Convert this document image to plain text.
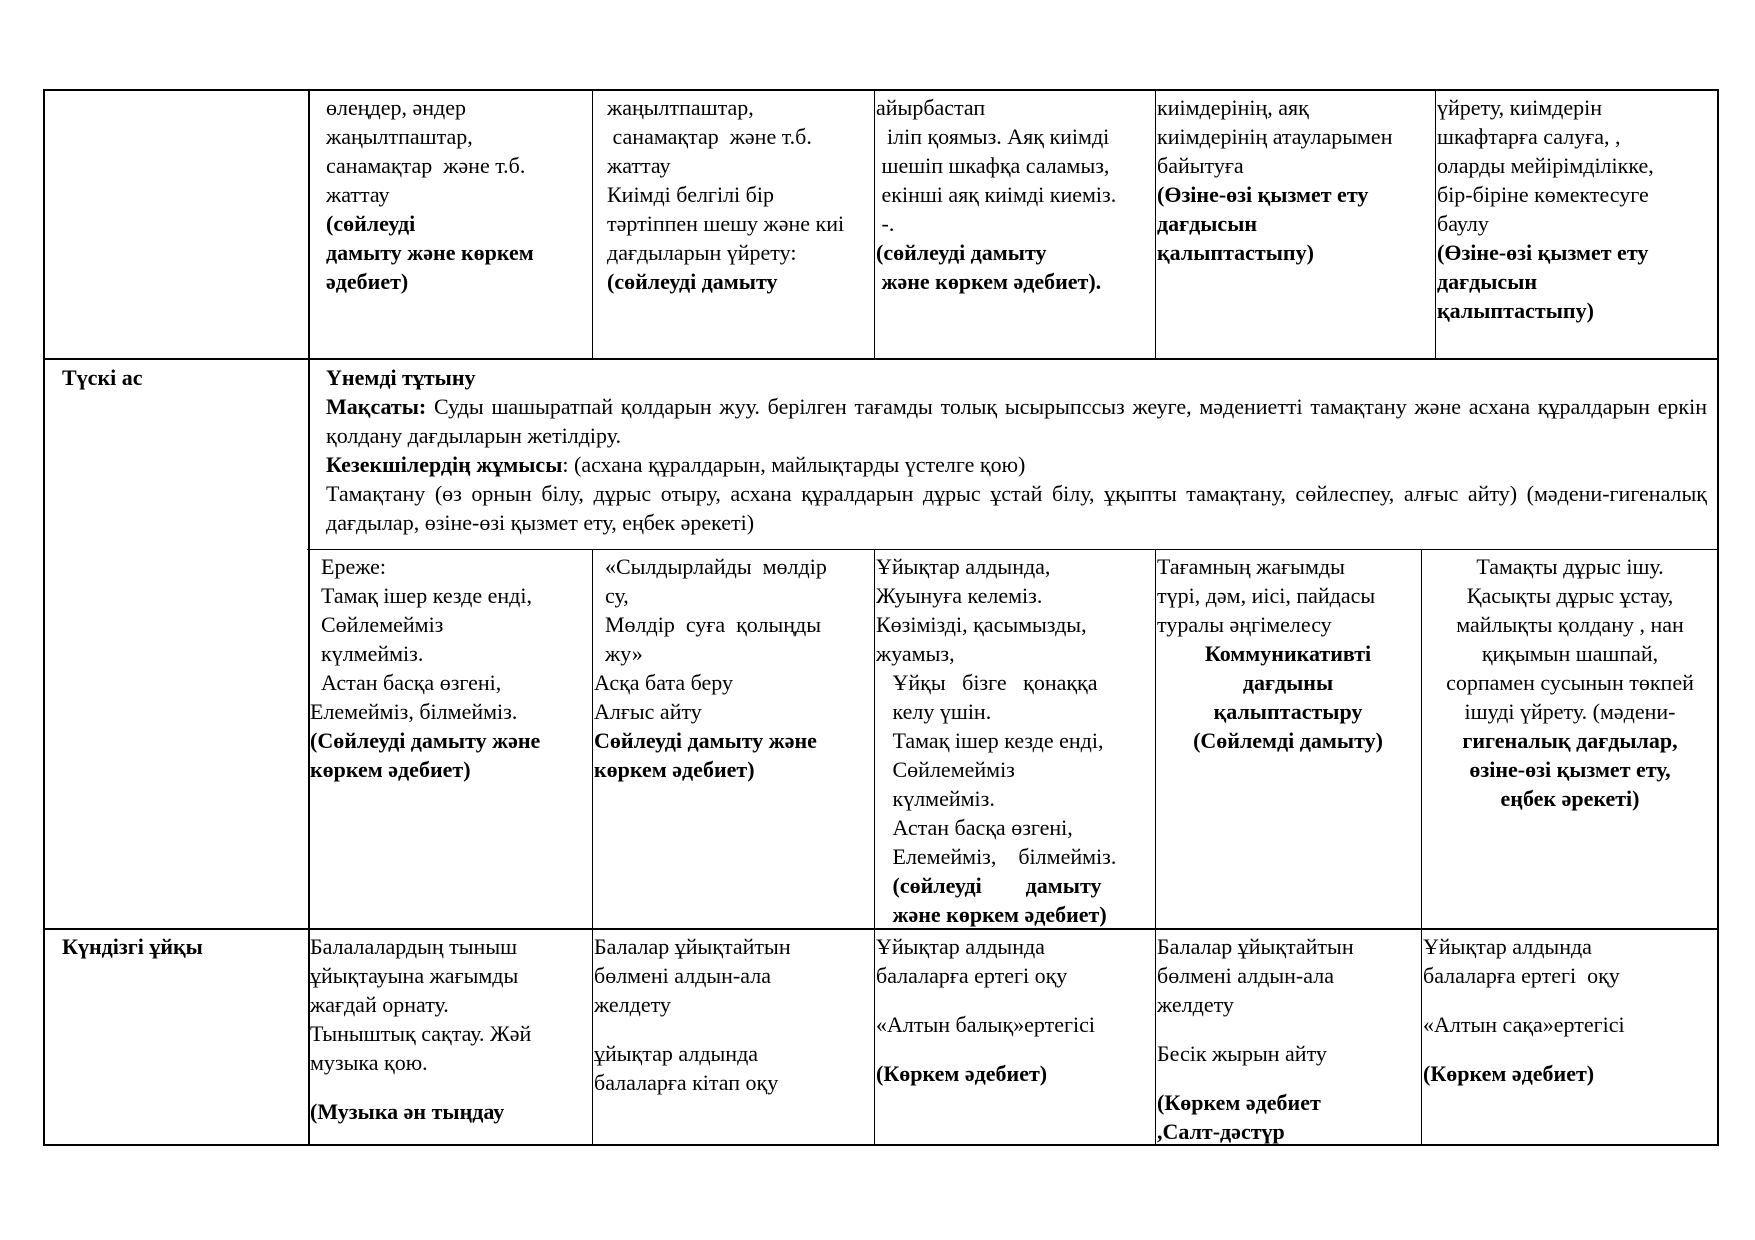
өлеңдер, әндер
жаңылтпаштар,
санамақтар  және т.б.
жаттау
(сөйлеуді
дамыту және көркем
әдебиет)
жаңылтпаштар,
санамақтар  және т.б.
жаттау
Киімді белгілі бір
тәртіппен шешу және киі
дағдыларын үйрету:
(сөйлеуді дамыту
айырбастап
іліп қоямыз. Аяқ киімді
шешіп шкафқа саламыз,
екінші аяқ киімді киеміз.
-.
(сөйлеуді дамыту
және көркем әдебиет).
киімдерінің, аяқ
киімдерінің атауларымен
байытуға
(Өзіне-өзі қызмет ету
дағдысын
қалыптастыпу)
үйрету, киімдерін
шкафтарға салуға, ,
оларды мейірімділікке,
бір-біріне көмектесуге
баулу
(Өзіне-өзі қызмет ету
дағдысын
қалыптастыпу)
Түскі ас	Үнемді тұтыну
Мақсаты: Суды шашыратпай қолдарын жуу. берілген тағамды толық ысырыпссыз жеуге, мәдениетті тамақтану және асхана құралдарын еркін қолдану дағдыларын жетілдіру.
Кезекшілердің жұмысы: (асхана құралдарын, майлықтарды үстелге қою)
Тамақтану (өз орнын білу, дұрыс отыру, асхана құралдарын дұрыс ұстай білу, ұқыпты тамақтану, сөйлеспеу, алғыс айту) (мәдени-гигеналық дағдылар, өзіне-өзі қызмет ету, еңбек әрекеті)
Ереже:
Тамақ ішер кезде енді,
Сөйлемейміз
күлмейміз.
Астан басқа өзгені,
Елемейміз, білмейміз.
(Сөйлеуді дамыту және
көркем әдебиет)
«Сылдырлайды  мөлдір
су,
Мөлдір  суға  қолыңды
жу»
Асқа бата беру
Алғыс айту
Сөйлеуді дамыту және
көркем әдебиет)
Ұйықтар алдында,
Жуынуға келеміз.
Көзімізді, қасымызды,
жуамыз,
Ұйқы   бізге   қонаққа
келу үшін.
Тамақ ішер кезде енді,
Сөйлемейміз
күлмейміз.
Астан басқа өзгені,
Елемейміз,    білмейміз.
(сөйлеуді        дамыту
және көркем әдебиет)
Тағамның жағымды
түрі, дәм, иісі, пайдасы
туралы әңгімелесу
Коммуникативті
дағдыны
қалыптастыру
(Сөйлемді дамыту)
Тамақты дұрыс ішу.
Қасықты дұрыс ұстау,
майлықты қолдану , нан
қиқымын шашпай,
сорпамен сусынын төкпей
ішуді үйрету. (мәдени-
гигеналық дағдылар,
өзіне-өзі қызмет ету,
еңбек әрекеті)
Күндізгі ұйқы	Балалалардың тыныш
ұйықтауына жағымды
жағдай орнату.
Тыныштық сақтау. Жәй
музыка қою.
(Музыка ән тыңдау
Балалар ұйықтайтын
бөлмені алдын-ала
желдету
ұйықтар алдында
балаларға кітап оқу
Ұйықтар алдында
балаларға ертегі оқу
«Алтын балық»ертегісі
(Көркем әдебиет)
Балалар ұйықтайтын
бөлмені алдын-ала
желдету
Бесік жырын айту
(Көркем әдебиет
,Салт-дәстүр
Ұйықтар алдында
балаларға ертегі  оқу
«Алтын сақа»ертегісі
(Көркем әдебиет)
